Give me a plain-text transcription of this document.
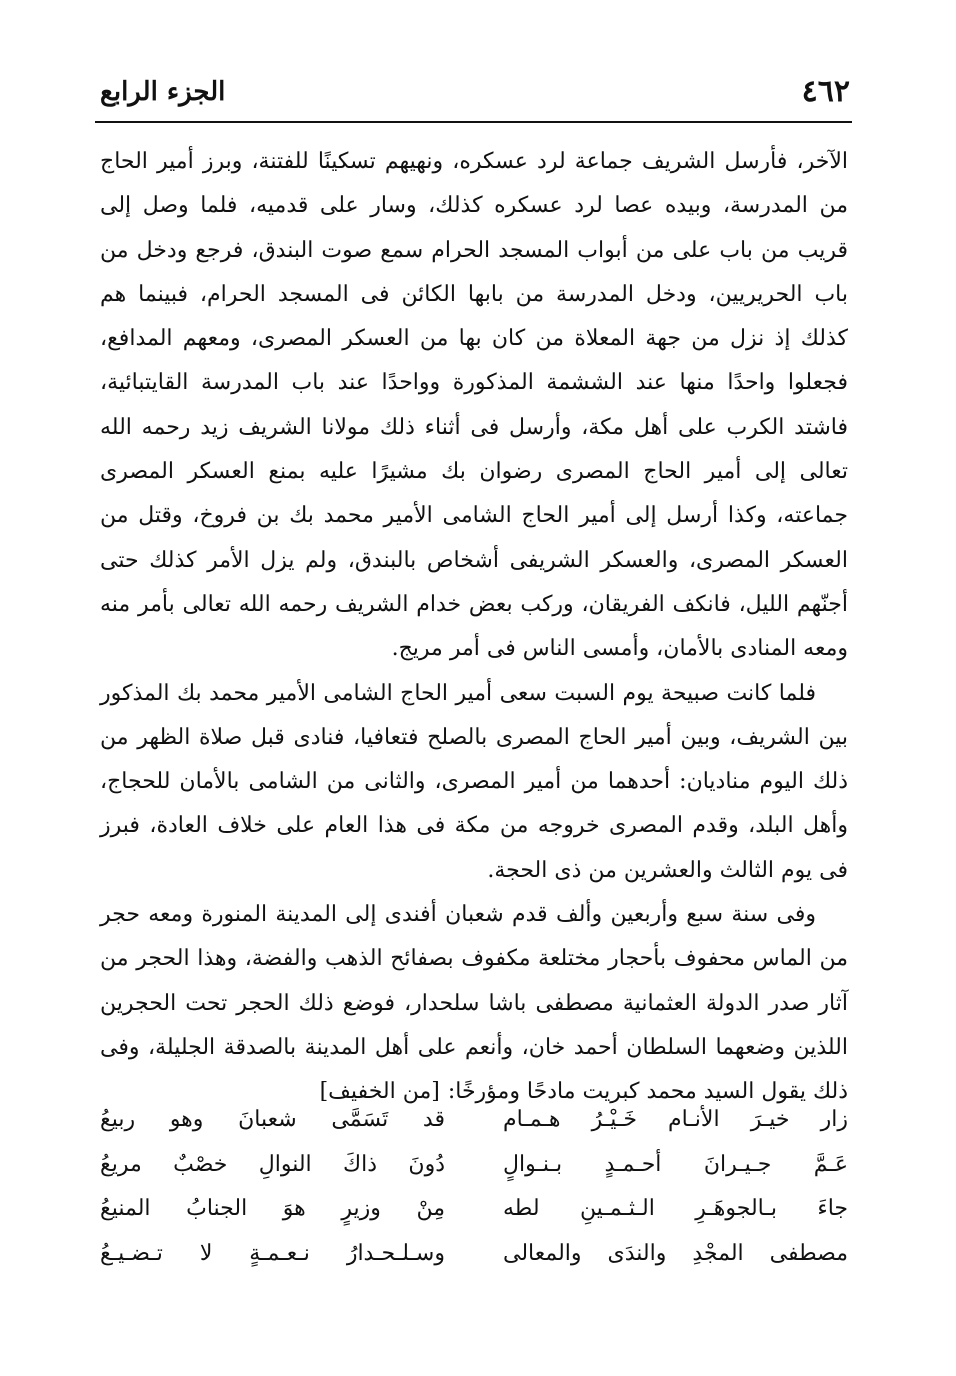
٤٦٢
الجزء الرابع

الآخر، فأرسل الشريف جماعة لرد عسكره، ونهيهم تسكينًا للفتنة، وبرز أمير الحاج من المدرسة، وبيده عصا لرد عسكره كذلك، وسار على قدميه، فلما وصل إلى قريب من باب على من أبواب المسجد الحرام سمع صوت البندق، فرجع ودخل من باب الحريريين، ودخل المدرسة من بابها الكائن فى المسجد الحرام، فبينما هم كذلك إذ نزل من جهة المعلاة من كان بها من العسكر المصرى، ومعهم المدافع، فجعلوا واحدًا منها عند الششمة المذكورة وواحدًا عند باب المدرسة القايتبائية، فاشتد الكرب على أهل مكة، وأرسل فى أثناء ذلك مولانا الشريف زيد رحمه الله تعالى إلى أمير الحاج المصرى رضوان بك مشيرًا عليه بمنع العسكر المصرى جماعته، وكذا أرسل إلى أمير الحاج الشامى الأمير محمد بك بن فروخ، وقتل من العسكر المصرى، والعسكر الشريفى أشخاص بالبندق، ولم يزل الأمر كذلك حتى أجنّهم الليل، فانكف الفريقان، وركب بعض خدام الشريف رحمه الله تعالى بأمر منه ومعه المنادى بالأمان، وأمسى الناس فى أمر مريج.

فلما كانت صبيحة يوم السبت سعى أمير الحاج الشامى الأمير محمد بك المذكور بين الشريف، وبين أمير الحاج المصرى بالصلح فتعافيا، فنادى قبل صلاة الظهر من ذلك اليوم مناديان: أحدهما من أمير المصرى، والثانى من الشامى بالأمان للحجاج، وأهل البلد، وقدم المصرى خروجه من مكة فى هذا العام على خلاف العادة، فبرز فى يوم الثالث والعشرين من ذى الحجة.

وفى سنة سبع وأربعين وألف قدم شعبان أفندى إلى المدينة المنورة ومعه حجر من الماس محفوف بأحجار مختلعة مكفوف بصفائح الذهب والفضة، وهذا الحجر من آثار صدر الدولة العثمانية مصطفى باشا سلحدار، فوضع ذلك الحجر تحت الحجرين اللذين وضعهما السلطان أحمد خان، وأنعم على أهل المدينة بالصدقة الجليلة، وفى ذلك يقول السيد محمد كبريت مادحًا ومؤرخًا:[من الخفيف]

زار خيـرَ الأنـام خَـيْـرُ هـمـام
قد تَسَمَّى شعبانَ وهو ربيعُ
عَـمَّ جـيـرانَ أحـمـدٍ بـنـوالٍ
دُونَ ذاكَ النوالِ خصْبٌ مريعُ
جاءَ بـالجوهَـرِ الـثـمـينِ لطه
مِنْ وزيرٍ هوَ الجنابُ المنيعُ
مصطفى المجْدِ والندَى والمعالى
وسـلـحـدارُ نـعـمـةٍ لا تـضـيـعُ
